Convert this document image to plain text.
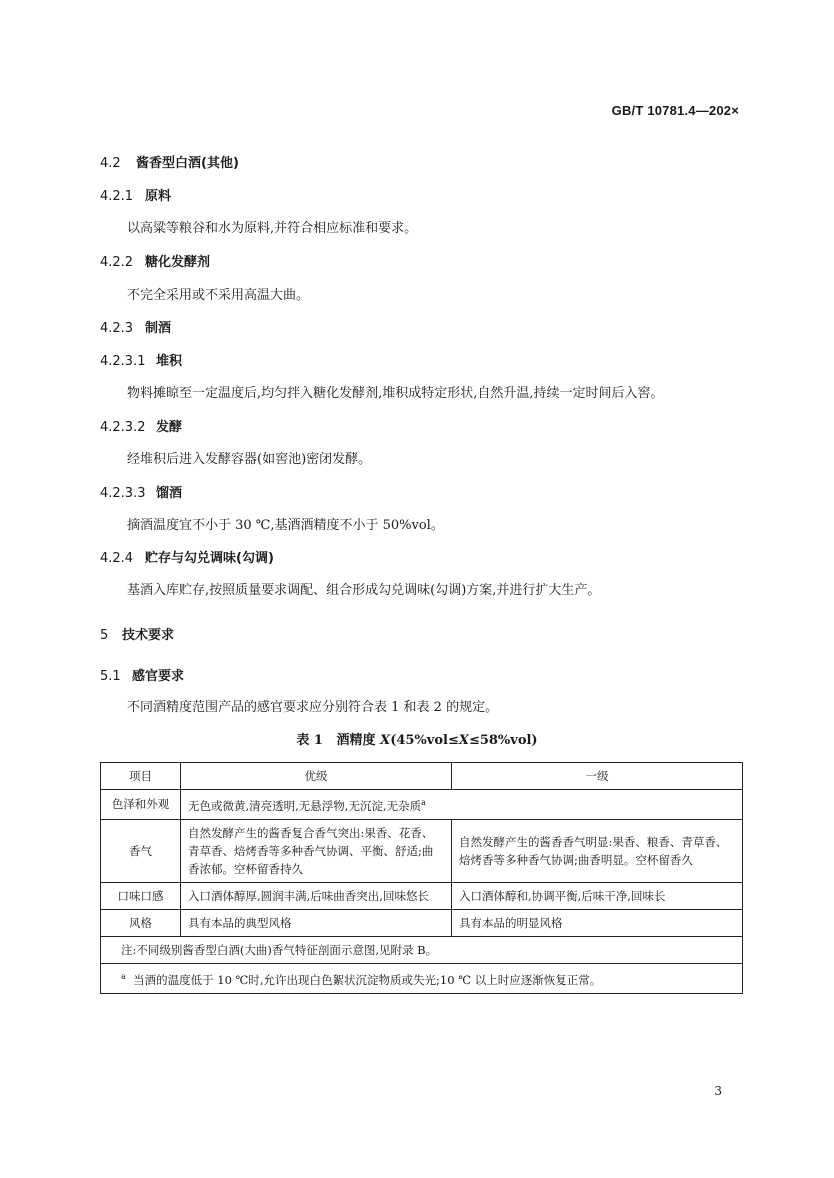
GB/T 10781.4—202×
4.2 酱香型白酒(其他)
4.2.1 原料
以高粱等粮谷和水为原料,并符合相应标准和要求。
4.2.2 糖化发酵剂
不完全采用或不采用高温大曲。
4.2.3 制酒
4.2.3.1 堆积
物料摊晾至一定温度后,均匀拌入糖化发酵剂,堆积成特定形状,自然升温,持续一定时间后入窖。
4.2.3.2 发酵
经堆积后进入发酵容器(如窖池)密闭发酵。
4.2.3.3 馏酒
摘酒温度宜不小于 30 ℃,基酒酒精度不小于 50%vol。
4.2.4 贮存与勾兑调味(勾调)
基酒入库贮存,按照质量要求调配、组合形成勾兑调味(勾调)方案,并进行扩大生产。
5 技术要求
5.1 感官要求
不同酒精度范围产品的感官要求应分别符合表 1 和表 2 的规定。
表 1 酒精度 X(45%vol≤X≤58%vol)
项目	优级	一级
色泽和外观	无色或微黄,清亮透明,无悬浮物,无沉淀,无杂质$^a$
香气	自然发酵产生的酱香复合香气突出:果香、花香、青草香、焙烤香等多种香气协调、平衡、舒适;曲香浓郁。空杯留香持久	自然发酵产生的酱香香气明显:果香、粮香、青草香、焙烤香等多种香气协调;曲香明显。空杯留香久
口味口感	入口酒体醇厚,圆润丰满,后味曲香突出,回味悠长	入口酒体醇和,协调平衡,后味干净,回味长
风格	具有本品的典型风格	具有本品的明显风格
注:不同级别酱香型白酒(大曲)香气特征剖面示意图,见附录 B。		
$^a$ 当酒的温度低于 10 ℃时,允许出现白色絮状沉淀物质或失光;10 ℃ 以上时应逐渐恢复正常。		
3
